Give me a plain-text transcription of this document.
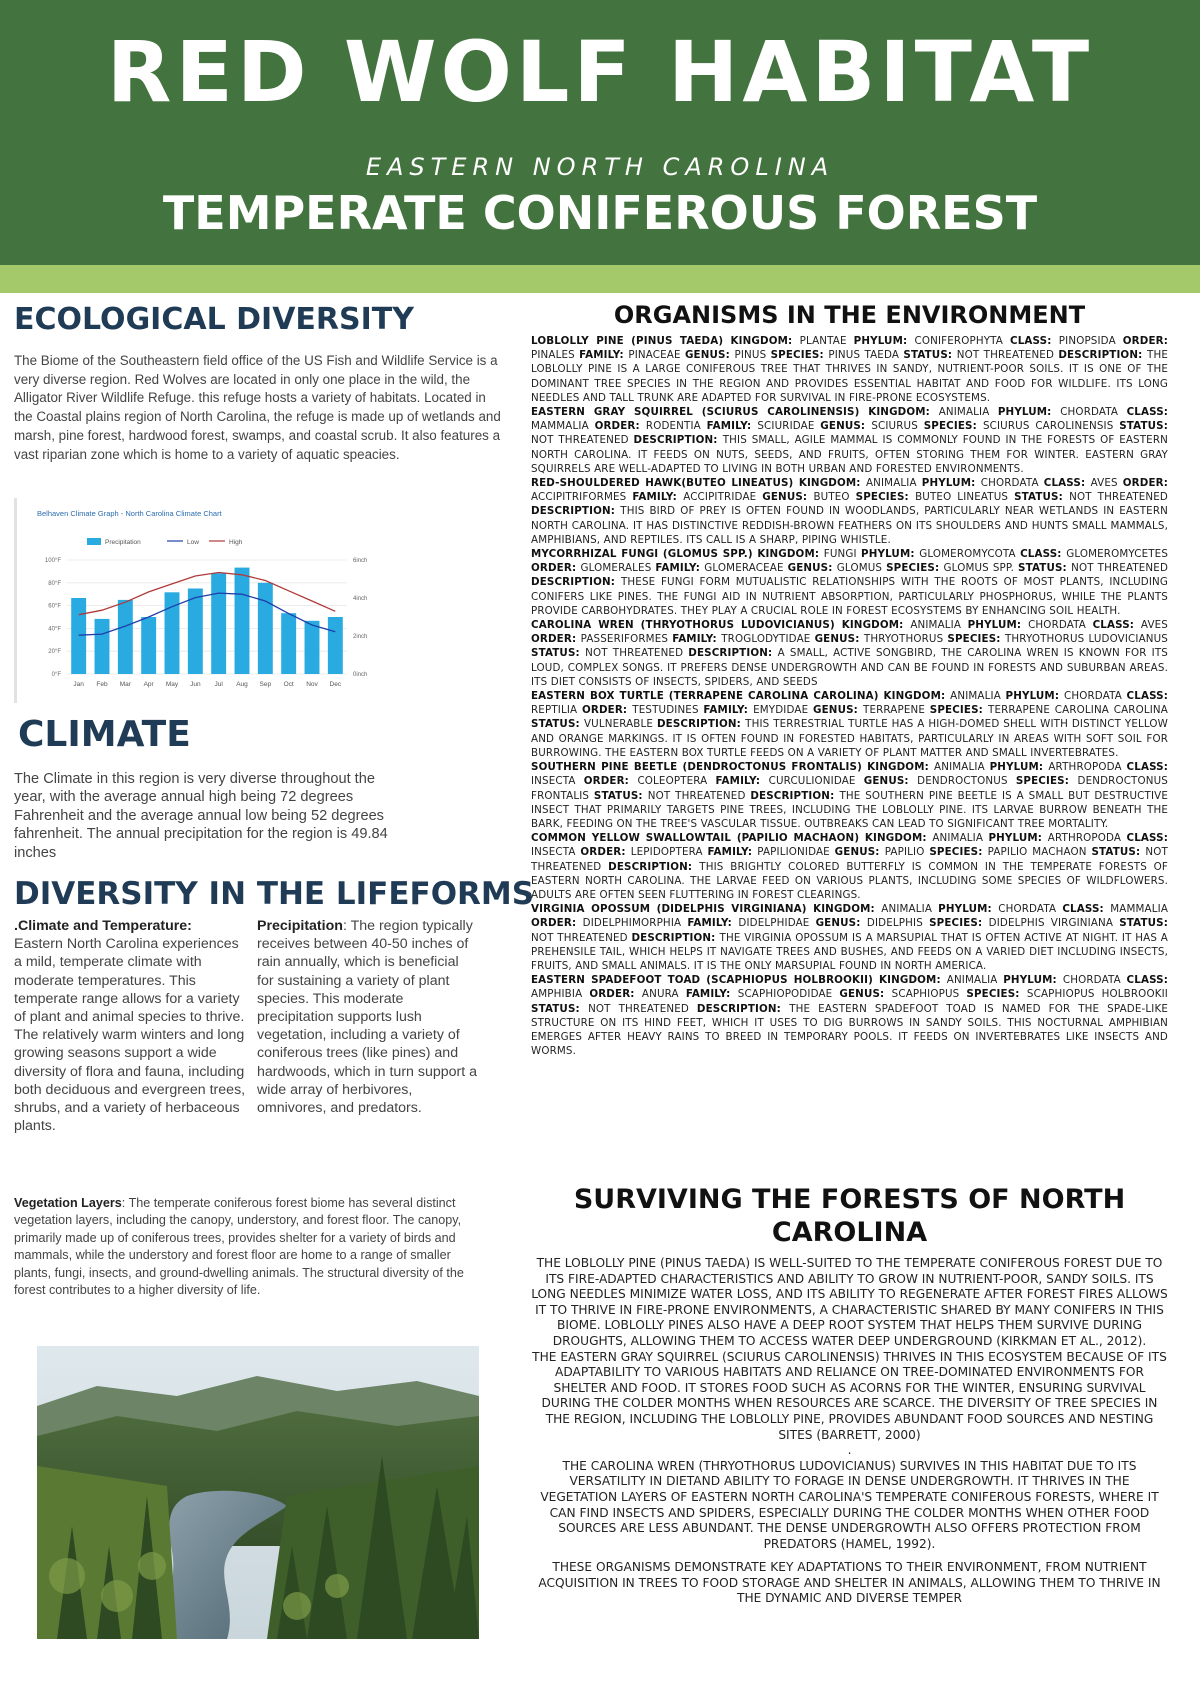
RED WOLF HABITAT
EASTERN NORTH CAROLINA
TEMPERATE CONIFEROUS FOREST
ECOLOGICAL DIVERSITY
The Biome of the Southeastern field office of the US Fish and Wildlife Service is a very diverse region. Red Wolves are located in only one place in the wild, the Alligator River Wildlife Refuge. this refuge hosts a variety of habitats. Located in the Coastal plains region of North Carolina, the refuge is made up of wetlands and marsh, pine forest, hardwood forest, swamps, and coastal scrub. It also features a vast riparian zone which is home to a variety of aquatic speacies.
Belhaven Climate Graph - North Carolina Climate Chart
Precipitation	Low	High
0°F
20°F
40°F
60°F
80°F
100°F
0inch
2inch
4inch
6inch
Jan Feb Mar Apr May Jun Jul Aug Sep Oct Nov Dec
CLIMATE
The Climate in this region is very diverse throughout the year, with the average annual high being 72 degrees Fahrenheit and the average annual low being 52 degrees fahrenheit. The annual precipitation for the region is 49.84 inches
DIVERSITY IN THE LIFEFORMS
.Climate and Temperature:
Eastern North Carolina experiences a mild, temperate climate with moderate temperatures. This temperate range allows for a variety of plant and animal species to thrive. The relatively warm winters and long growing seasons support a wide diversity of flora and fauna, including both deciduous and evergreen trees, shrubs, and a variety of herbaceous plants.
Precipitation: The region typically receives between 40-50 inches of rain annually, which is beneficial for sustaining a variety of plant species. This moderate precipitation supports lush vegetation, including a variety of coniferous trees (like pines) and hardwoods, which in turn support a wide array of herbivores, omnivores, and predators.
Vegetation Layers: The temperate coniferous forest biome has several distinct vegetation layers, including the canopy, understory, and forest floor. The canopy, primarily made up of coniferous trees, provides shelter for a variety of birds and mammals, while the understory and forest floor are home to a range of smaller plants, fungi, insects, and ground-dwelling animals. The structural diversity of the forest contributes to a higher diversity of life.
ORGANISMS IN THE ENVIRONMENT
LOBLOLLY PINE (PINUS TAEDA) KINGDOM: PLANTAE PHYLUM: CONIFEROPHYTA CLASS: PINOPSIDA ORDER: PINALES FAMILY: PINACEAE GENUS: PINUS SPECIES: PINUS TAEDA STATUS: NOT THREATENED DESCRIPTION: THE LOBLOLLY PINE IS A LARGE CONIFEROUS TREE THAT THRIVES IN SANDY, NUTRIENT-POOR SOILS. IT IS ONE OF THE DOMINANT TREE SPECIES IN THE REGION AND PROVIDES ESSENTIAL HABITAT AND FOOD FOR WILDLIFE. ITS LONG NEEDLES AND TALL TRUNK ARE ADAPTED FOR SURVIVAL IN FIRE-PRONE ECOSYSTEMS.
EASTERN GRAY SQUIRREL (SCIURUS CAROLINENSIS) KINGDOM: ANIMALIA PHYLUM: CHORDATA CLASS: MAMMALIA ORDER: RODENTIA FAMILY: SCIURIDAE GENUS: SCIURUS SPECIES: SCIURUS CAROLINENSIS STATUS: NOT THREATENED DESCRIPTION: THIS SMALL, AGILE MAMMAL IS COMMONLY FOUND IN THE FORESTS OF EASTERN NORTH CAROLINA. IT FEEDS ON NUTS, SEEDS, AND FRUITS, OFTEN STORING THEM FOR WINTER. EASTERN GRAY SQUIRRELS ARE WELL-ADAPTED TO LIVING IN BOTH URBAN AND FORESTED ENVIRONMENTS.
RED-SHOULDERED HAWK(BUTEO LINEATUS) KINGDOM: ANIMALIA PHYLUM: CHORDATA CLASS: AVES ORDER: ACCIPITRIFORMES FAMILY: ACCIPITRIDAE GENUS: BUTEO SPECIES: BUTEO LINEATUS STATUS: NOT THREATENED DESCRIPTION: THIS BIRD OF PREY IS OFTEN FOUND IN WOODLANDS, PARTICULARLY NEAR WETLANDS IN EASTERN NORTH CAROLINA. IT HAS DISTINCTIVE REDDISH-BROWN FEATHERS ON ITS SHOULDERS AND HUNTS SMALL MAMMALS, AMPHIBIANS, AND REPTILES. ITS CALL IS A SHARP, PIPING WHISTLE.
MYCORRHIZAL FUNGI (GLOMUS SPP.) KINGDOM: FUNGI PHYLUM: GLOMEROMYCOTA CLASS: GLOMEROMYCETES ORDER: GLOMERALES FAMILY: GLOMERACEAE GENUS: GLOMUS SPECIES: GLOMUS SPP. STATUS: NOT THREATENED DESCRIPTION: THESE FUNGI FORM MUTUALISTIC RELATIONSHIPS WITH THE ROOTS OF MOST PLANTS, INCLUDING CONIFERS LIKE PINES. THE FUNGI AID IN NUTRIENT ABSORPTION, PARTICULARLY PHOSPHORUS, WHILE THE PLANTS PROVIDE CARBOHYDRATES. THEY PLAY A CRUCIAL ROLE IN FOREST ECOSYSTEMS BY ENHANCING SOIL HEALTH.
CAROLINA WREN (THRYOTHORUS LUDOVICIANUS) KINGDOM: ANIMALIA PHYLUM: CHORDATA CLASS: AVES ORDER: PASSERIFORMES FAMILY: TROGLODYTIDAE GENUS: THRYOTHORUS SPECIES: THRYOTHORUS LUDOVICIANUS STATUS: NOT THREATENED DESCRIPTION: A SMALL, ACTIVE SONGBIRD, THE CAROLINA WREN IS KNOWN FOR ITS LOUD, COMPLEX SONGS. IT PREFERS DENSE UNDERGROWTH AND CAN BE FOUND IN FORESTS AND SUBURBAN AREAS. ITS DIET CONSISTS OF INSECTS, SPIDERS, AND SEEDS
EASTERN BOX TURTLE (TERRAPENE CAROLINA CAROLINA) KINGDOM: ANIMALIA PHYLUM: CHORDATA CLASS: REPTILIA ORDER: TESTUDINES FAMILY: EMYDIDAE GENUS: TERRAPENE SPECIES: TERRAPENE CAROLINA CAROLINA STATUS: VULNERABLE DESCRIPTION: THIS TERRESTRIAL TURTLE HAS A HIGH-DOMED SHELL WITH DISTINCT YELLOW AND ORANGE MARKINGS. IT IS OFTEN FOUND IN FORESTED HABITATS, PARTICULARLY IN AREAS WITH SOFT SOIL FOR BURROWING. THE EASTERN BOX TURTLE FEEDS ON A VARIETY OF PLANT MATTER AND SMALL INVERTEBRATES.
SOUTHERN PINE BEETLE (DENDROCTONUS FRONTALIS) KINGDOM: ANIMALIA PHYLUM: ARTHROPODA CLASS: INSECTA ORDER: COLEOPTERA FAMILY: CURCULIONIDAE GENUS: DENDROCTONUS SPECIES: DENDROCTONUS FRONTALIS STATUS: NOT THREATENED DESCRIPTION: THE SOUTHERN PINE BEETLE IS A SMALL BUT DESTRUCTIVE INSECT THAT PRIMARILY TARGETS PINE TREES, INCLUDING THE LOBLOLLY PINE. ITS LARVAE BURROW BENEATH THE BARK, FEEDING ON THE TREE'S VASCULAR TISSUE. OUTBREAKS CAN LEAD TO SIGNIFICANT TREE MORTALITY.
COMMON YELLOW SWALLOWTAIL (PAPILIO MACHAON) KINGDOM: ANIMALIA PHYLUM: ARTHROPODA CLASS: INSECTA ORDER: LEPIDOPTERA FAMILY: PAPILIONIDAE GENUS: PAPILIO SPECIES: PAPILIO MACHAON STATUS: NOT THREATENED DESCRIPTION: THIS BRIGHTLY COLORED BUTTERFLY IS COMMON IN THE TEMPERATE FORESTS OF EASTERN NORTH CAROLINA. THE LARVAE FEED ON VARIOUS PLANTS, INCLUDING SOME SPECIES OF WILDFLOWERS. ADULTS ARE OFTEN SEEN FLUTTERING IN FOREST CLEARINGS.
VIRGINIA OPOSSUM (DIDELPHIS VIRGINIANA) KINGDOM: ANIMALIA PHYLUM: CHORDATA CLASS: MAMMALIA ORDER: DIDELPHIMORPHIA FAMILY: DIDELPHIDAE GENUS: DIDELPHIS SPECIES: DIDELPHIS VIRGINIANA STATUS: NOT THREATENED DESCRIPTION: THE VIRGINIA OPOSSUM IS A MARSUPIAL THAT IS OFTEN ACTIVE AT NIGHT. IT HAS A PREHENSILE TAIL, WHICH HELPS IT NAVIGATE TREES AND BUSHES, AND FEEDS ON A VARIED DIET INCLUDING INSECTS, FRUITS, AND SMALL ANIMALS. IT IS THE ONLY MARSUPIAL FOUND IN NORTH AMERICA.
EASTERN SPADEFOOT TOAD (SCAPHIOPUS HOLBROOKII) KINGDOM: ANIMALIA PHYLUM: CHORDATA CLASS: AMPHIBIA ORDER: ANURA FAMILY: SCAPHIOPODIDAE GENUS: SCAPHIOPUS SPECIES: SCAPHIOPUS HOLBROOKII STATUS: NOT THREATENED DESCRIPTION: THE EASTERN SPADEFOOT TOAD IS NAMED FOR THE SPADE-LIKE STRUCTURE ON ITS HIND FEET, WHICH IT USES TO DIG BURROWS IN SANDY SOILS. THIS NOCTURNAL AMPHIBIAN EMERGES AFTER HEAVY RAINS TO BREED IN TEMPORARY POOLS. IT FEEDS ON INVERTEBRATES LIKE INSECTS AND WORMS.
SURVIVING THE FORESTS OF NORTH CAROLINA

THE LOBLOLLY PINE (PINUS TAEDA) IS WELL-SUITED TO THE TEMPERATE CONIFEROUS FOREST DUE TO ITS FIRE-ADAPTED CHARACTERISTICS AND ABILITY TO GROW IN NUTRIENT-POOR, SANDY SOILS. ITS LONG NEEDLES MINIMIZE WATER LOSS, AND ITS ABILITY TO REGENERATE AFTER FOREST FIRES ALLOWS IT TO THRIVE IN FIRE-PRONE ENVIRONMENTS, A CHARACTERISTIC SHARED BY MANY CONIFERS IN THIS BIOME. LOBLOLLY PINES ALSO HAVE A DEEP ROOT SYSTEM THAT HELPS THEM SURVIVE DURING DROUGHTS, ALLOWING THEM TO ACCESS WATER DEEP UNDERGROUND (KIRKMAN ET AL., 2012).

THE EASTERN GRAY SQUIRREL (SCIURUS CAROLINENSIS) THRIVES IN THIS ECOSYSTEM BECAUSE OF ITS ADAPTABILITY TO VARIOUS HABITATS AND RELIANCE ON TREE-DOMINATED ENVIRONMENTS FOR SHELTER AND FOOD. IT STORES FOOD SUCH AS ACORNS FOR THE WINTER, ENSURING SURVIVAL DURING THE COLDER MONTHS WHEN RESOURCES ARE SCARCE. THE DIVERSITY OF TREE SPECIES IN THE REGION, INCLUDING THE LOBLOLLY PINE, PROVIDES ABUNDANT FOOD SOURCES AND NESTING SITES (BARRETT, 2000)

.

THE CAROLINA WREN (THRYOTHORUS LUDOVICIANUS) SURVIVES IN THIS HABITAT DUE TO ITS VERSATILITY IN DIETAND ABILITY TO FORAGE IN DENSE UNDERGROWTH. IT THRIVES IN THE VEGETATION LAYERS OF EASTERN NORTH CAROLINA'S TEMPERATE CONIFEROUS FORESTS, WHERE IT CAN FIND INSECTS AND SPIDERS, ESPECIALLY DURING THE COLDER MONTHS WHEN OTHER FOOD SOURCES ARE LESS ABUNDANT. THE DENSE UNDERGROWTH ALSO OFFERS PROTECTION FROM PREDATORS (HAMEL, 1992).

THESE ORGANISMS DEMONSTRATE KEY ADAPTATIONS TO THEIR ENVIRONMENT, FROM NUTRIENT ACQUISITION IN TREES TO FOOD STORAGE AND SHELTER IN ANIMALS, ALLOWING THEM TO THRIVE IN THE DYNAMIC AND DIVERSE TEMPER
